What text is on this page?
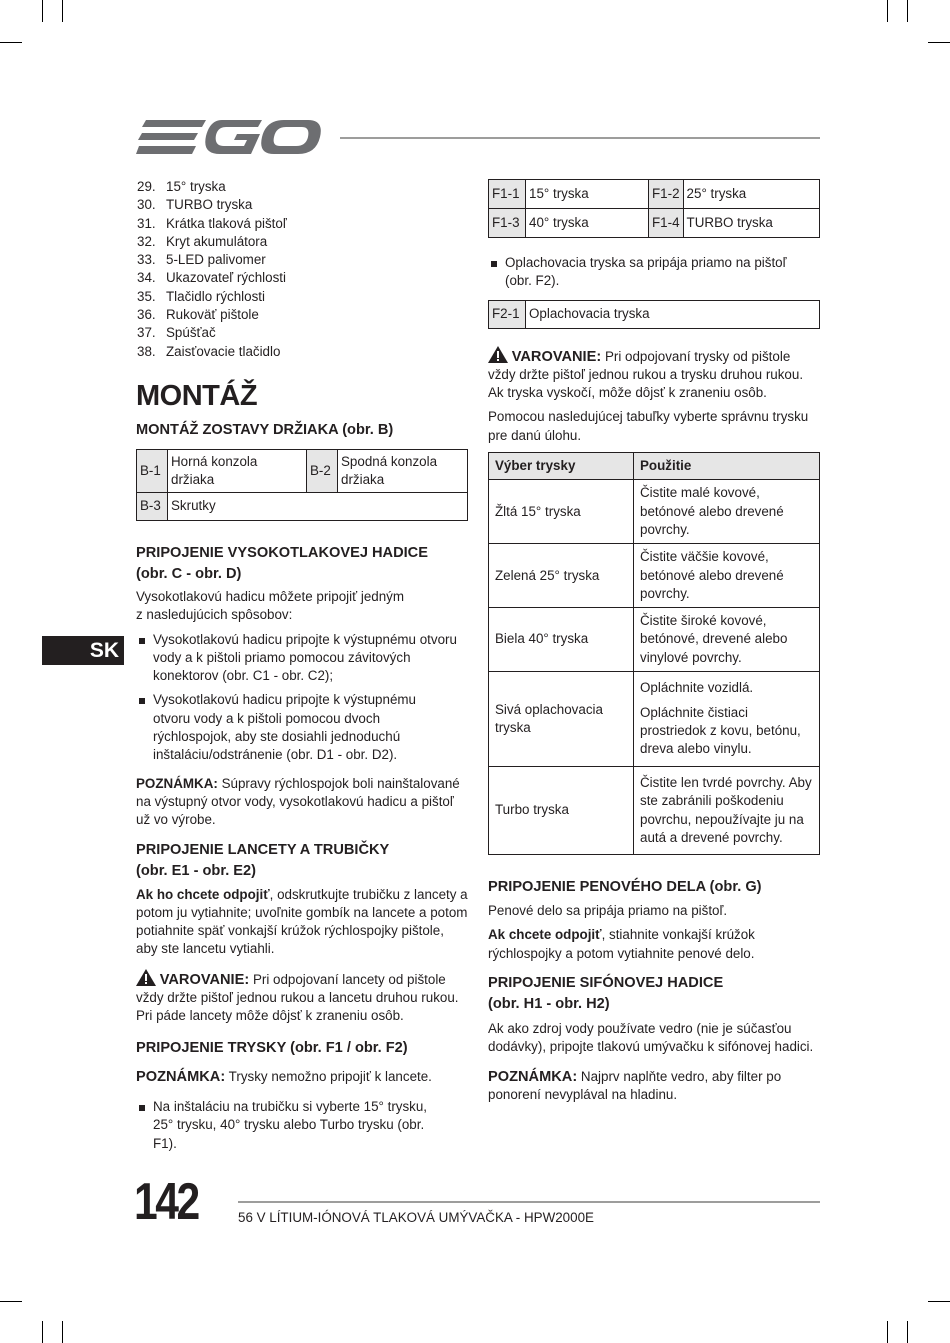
SK
29. 15° tryska
30. TURBO tryska
31. Krátka tlaková pištoľ
32. Kryt akumulátora
33. 5-LED palivomer
34. Ukazovateľ rýchlosti
35. Tlačidlo rýchlosti
36. Rukoväť pištole
37. Spúšťač
38. Zaisťovacie tlačidlo
MONTÁŽ

MONTÁŽ ZOSTAVY DRŽIAKA (obr. B)

B-1	Horná konzola držiaka	B-2	Spodná konzola držiaka
B-3	Skrutky		

PRIPOJENIE VYSOKOTLAKOVEJ HADICE

(obr. C - obr. D)

Vysokotlakovú hadicu môžete pripojiť jedným z nasledujúcich spôsobov:

Vysokotlakovú hadicu pripojte k výstupnému otvoru vody a k pištoli priamo pomocou závitových konektorov (obr. C1 - obr. C2);
Vysokotlakovú hadicu pripojte k výstupnému otvoru vody a k pištoli pomocou dvoch rýchlospojok, aby ste dosiahli jednoduchú inštaláciu/odstránenie (obr. D1 - obr. D2).

POZNÁMKA: Súpravy rýchlospojok boli nainštalované na výstupný otvor vody, vysokotlakovú hadicu a pištoľ už vo výrobe.

PRIPOJENIE LANCETY A TRUBIČKY

(obr. E1 - obr. E2)

Ak ho chcete odpojiť, odskrutkujte trubičku z lancety a potom ju vytiahnite; uvoľnite gombík na lancete a potom potiahnite späť vonkajší krúžok rýchlospojky pištole, aby ste lancetu vytiahli.

VAROVANIE: Pri odpojovaní lancety od pištole vždy držte pištoľ jednou rukou a lancetu druhou rukou. Pri páde lancety môže dôjsť k zraneniu osôb.

PRIPOJENIE TRYSKY (obr. F1 / obr. F2)

POZNÁMKA: Trysky nemožno pripojiť k lancete.

Na inštaláciu na trubičku si vyberte 15° trysku, 25° trysku, 40° trysku alebo Turbo trysku (obr. F1).
F1-1	15° tryska	F1-2	25° tryska
F1-3	40° tryska	F1-4	TURBO tryska
Oplachovacia tryska sa pripája priamo na pištoľ (obr. F2).
F2-1	Oplachovacia tryska

VAROVANIE: Pri odpojovaní trysky od pištole vždy držte pištoľ jednou rukou a trysku druhou rukou. Ak tryska vyskočí, môže dôjsť k zraneniu osôb.

Pomocou nasledujúcej tabuľky vyberte správnu trysku pre danú úlohu.

Výber trysky	Použitie
Žltá 15° tryska	Čistite malé kovové, betónové alebo drevené povrchy.
Zelená 25° tryska	Čistite väčšie kovové, betónové alebo drevené povrchy.
Biela 40° tryska	Čistite široké kovové, betónové, drevené alebo vinylové povrchy.
Sivá oplachovacia tryska	Opláchnite vozidlá.

Opláchnite čistiaci prostriedok z kovu, betónu, dreva alebo vinylu.

Turbo tryska	Čistite len tvrdé povrchy. Aby ste zabránili poškodeniu povrchu, nepoužívajte ju na autá a drevené povrchy.

PRIPOJENIE PENOVÉHO DELA (obr. G)

Penové delo sa pripája priamo na pištoľ.

Ak chcete odpojiť, stiahnite vonkajší krúžok rýchlospojky a potom vytiahnite penové delo.

PRIPOJENIE SIFÓNOVEJ HADICE

(obr. H1 - obr. H2)

Ak ako zdroj vody používate vedro (nie je súčasťou dodávky), pripojte tlakovú umývačku k sifónovej hadici.

POZNÁMKA: Najprv naplňte vedro, aby filter po ponorení nevyplával na hladinu.

142	56 V LÍTIUM-IÓNOVÁ TLAKOVÁ UMÝVAČKA - HPW2000E
